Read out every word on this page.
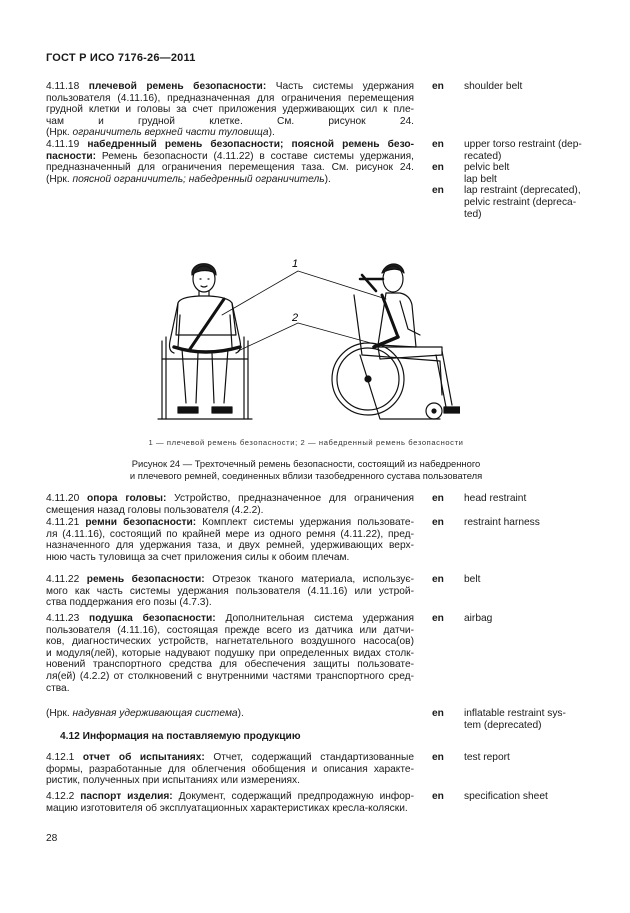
ГОСТ Р ИСО 7176-26—2011
4.11.18 плечевой ремень безопасности: Часть системы удержания
пользователя (4.11.16), предназначенная для ограничения перемещения
грудной клетки и головы за счет приложения удерживающих сил к пле-
чам и грудной клетке. См. рисунок 24.
(Нрк. ограничитель верхней части туловища).
en shoulder belt
4.11.19 набедренный ремень безопасности; поясной ремень безо-
пасности: Ремень безопасности (4.11.22) в составе системы удержания,
предназначенный для ограничения перемещения таза. См. рисунок 24.
(Нрк. поясной ограничитель; набедренный ограничитель).
en upper torso restraint (dep-
recated)
en pelvic belt
lap belt
en lap restraint (deprecated),
pelvic restraint (depreca-
ted)
1
2
1 — плечевой ремень безопасности; 2 — набедренный ремень безопасности
Рисунок 24 — Трехточечный ремень безопасности, состоящий из набедренного
и плечевого ремней, соединенных вблизи тазобедренного сустава пользователя
4.11.20 опора головы: Устройство, предназначенное для ограничения
смещения назад головы пользователя (4.2.2).
en head restraint
4.11.21 ремни безопасности: Комплект системы удержания пользовате-
ля (4.11.16), состоящий по крайней мере из одного ремня (4.11.22), пред-
назначенного для удержания таза, и двух ремней, удерживающих верх-
нюю часть туловища за счет приложения силы к обоим плечам.
en restraint harness
4.11.22 ремень безопасности: Отрезок тканого материала, использує-
мого как часть системы удержания пользователя (4.11.16) или устрой-
ства поддержания его позы (4.7.3).
en belt
4.11.23 подушка безопасности: Дополнительная система удержания
пользователя (4.11.16), состоящая прежде всего из датчика или датчи-
ков, диагностических устройств, нагнетательного воздушного насоса(ов)
и модуля(лей), которые надувают подушку при определенных видах столк-
новений транспортного средства для обеспечения защиты пользовате-
ля(ей) (4.2.2) от столкновений с внутренними частями транспортного сред-
ства.
en airbag
(Нрк. надувная удерживающая система).	en inflatable restraint sys-
tem (deprecated)
4.12 Информация на поставляемую продукцию
4.12.1 отчет об испытаниях: Отчет, содержащий стандартизованные
формы, разработанные для облегчения обобщения и описания характе-
ристик, полученных при испытаниях или измерениях.
en test report
4.12.2 паспорт изделия: Документ, содержащий предпродажную инфор-
мацию изготовителя об эксплуатационных характеристиках кресла-коляски.
en specification sheet
28
